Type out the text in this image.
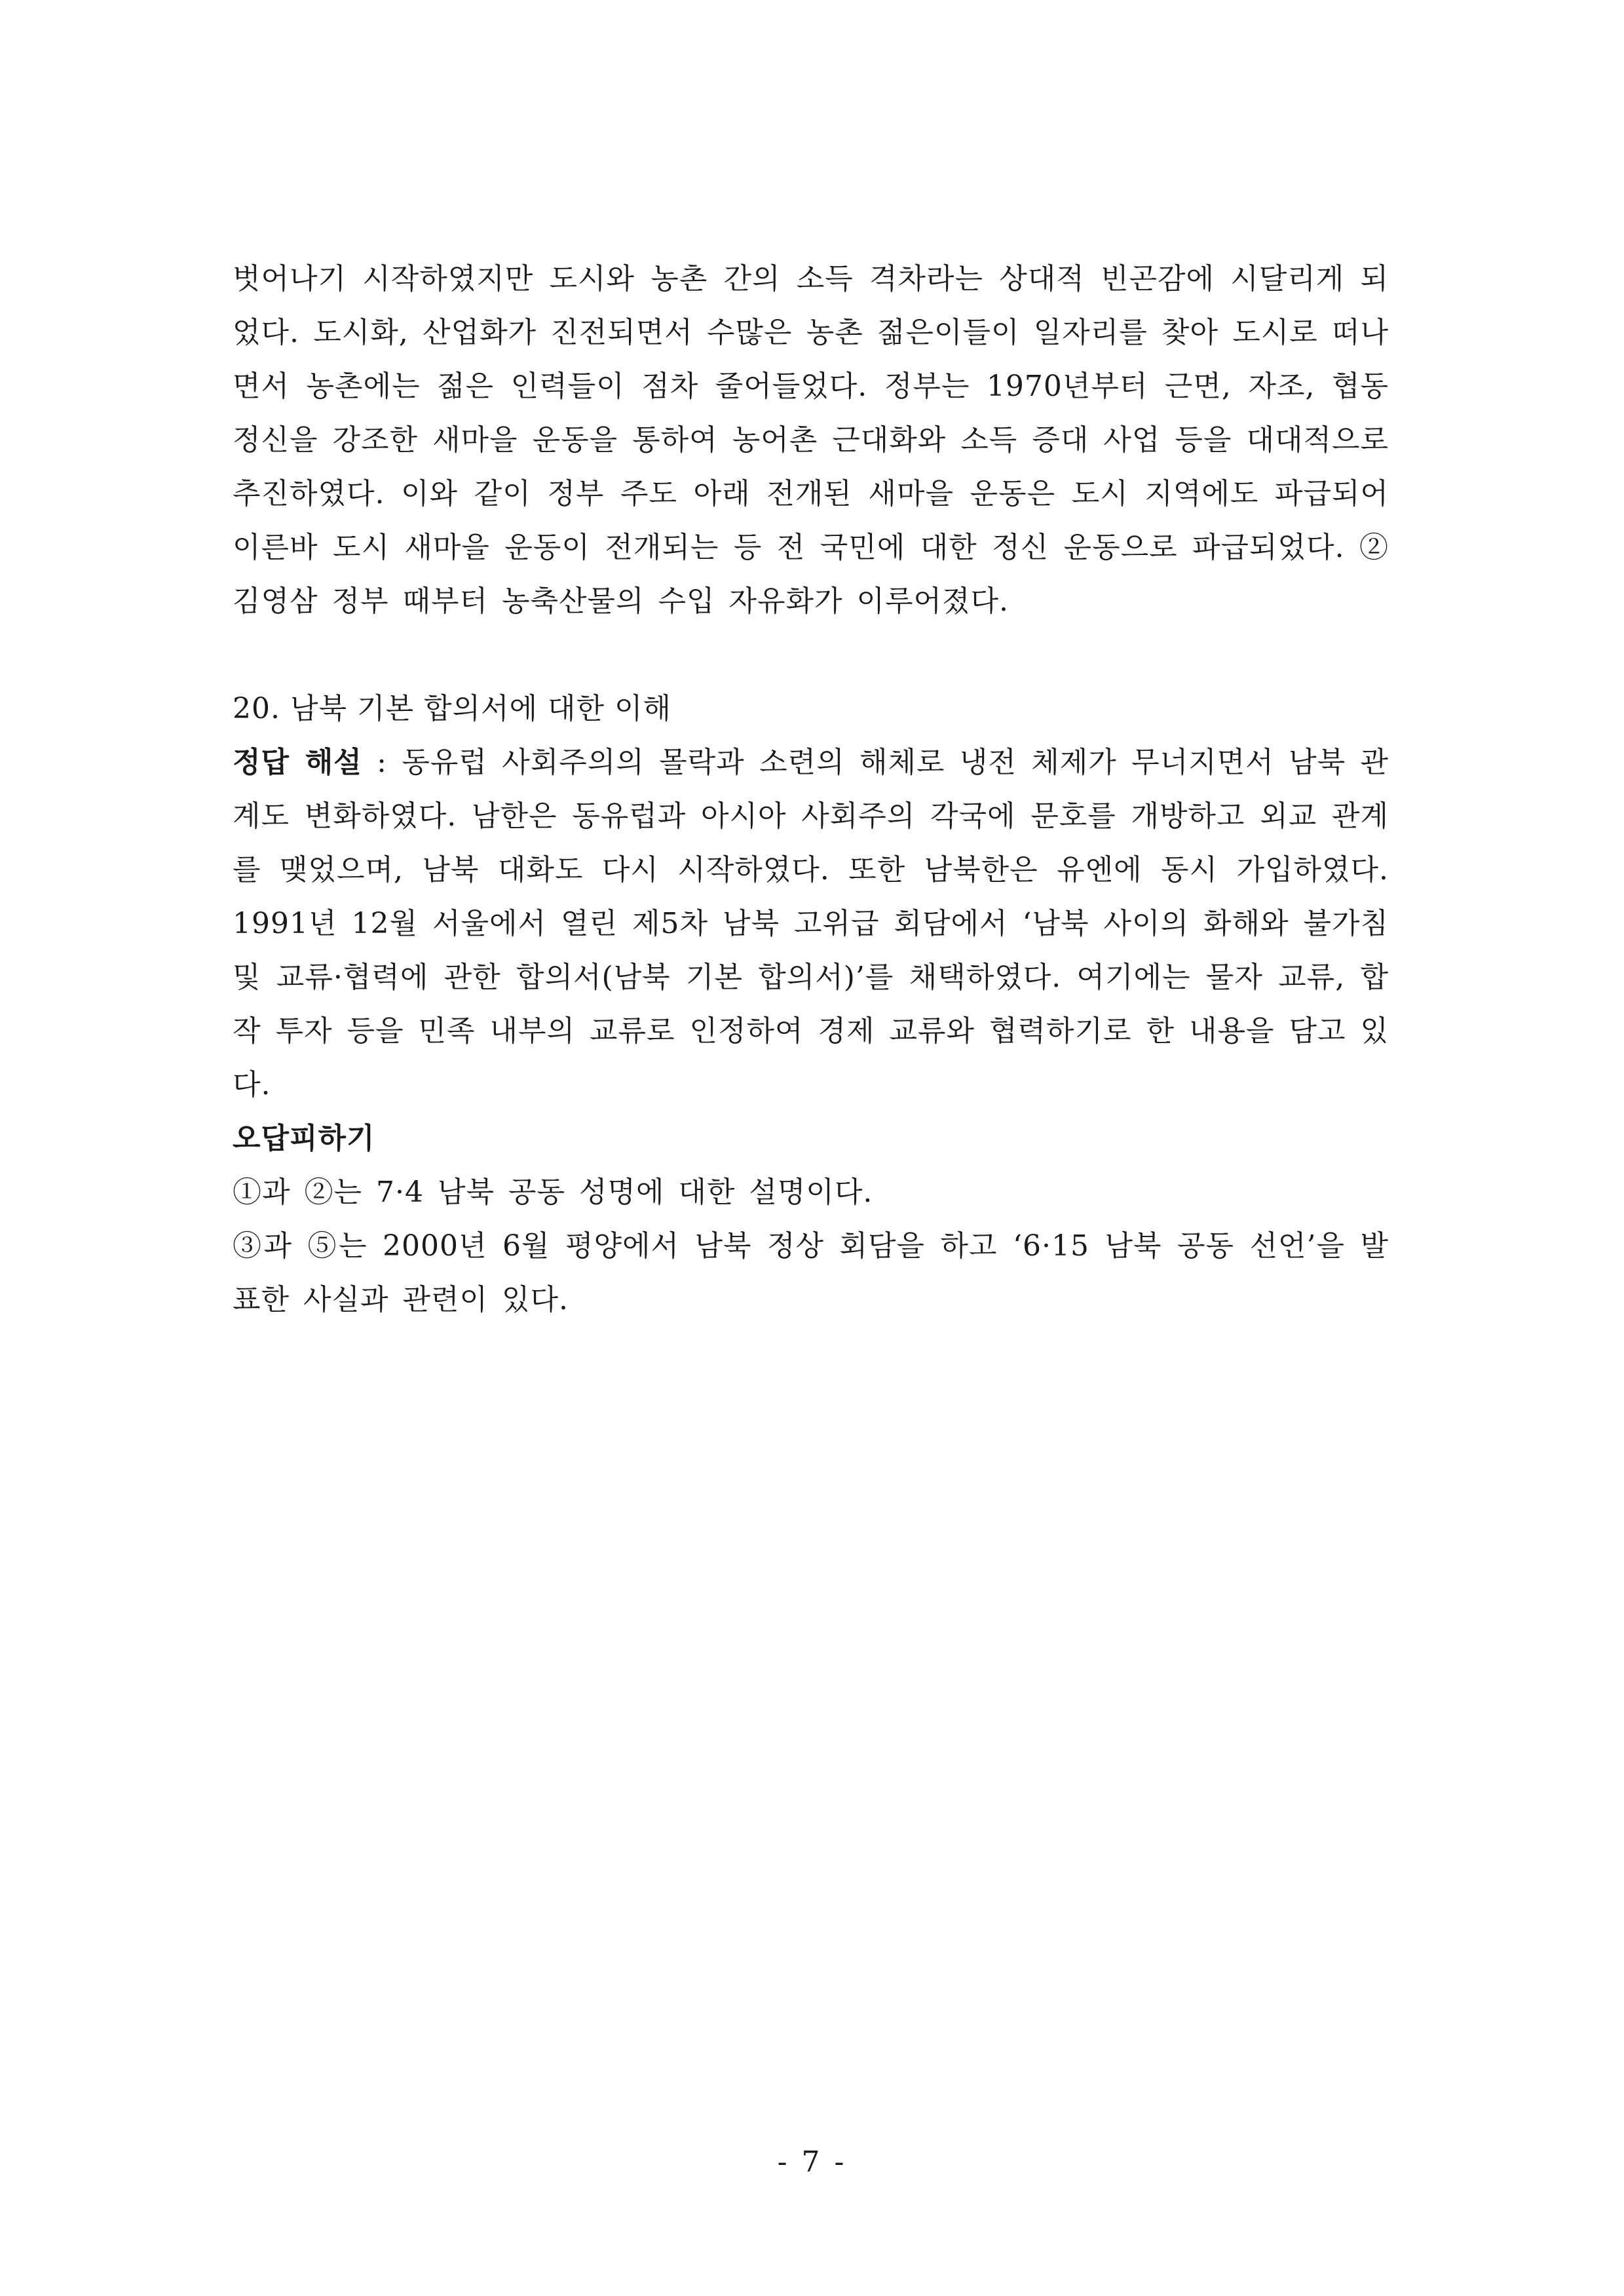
벗어나기 시작하였지만 도시와 농촌 간의 소득 격차라는 상대적 빈곤감에 시달리게 되었다. 도시화, 산업화가 진전되면서 수많은 농촌 젊은이들이 일자리를 찾아 도시로 떠나면서 농촌에는 젊은 인력들이 점차 줄어들었다. 정부는 1970년부터 근면, 자조, 협동 정신을 강조한 새마을 운동을 통하여 농어촌 근대화와 소득 증대 사업 등을 대대적으로 추진하였다. 이와 같이 정부 주도 아래 전개된 새마을 운동은 도시 지역에도 파급되어 이른바 도시 새마을 운동이 전개되는 등 전 국민에 대한 정신 운동으로 파급되었다. ② 김영삼 정부 때부터 농축산물의 수입 자유화가 이루어졌다.

20. 남북 기본 합의서에 대한 이해

정답 해설 : 동유럽 사회주의의 몰락과 소련의 해체로 냉전 체제가 무너지면서 남북 관계도 변화하였다. 남한은 동유럽과 아시아 사회주의 각국에 문호를 개방하고 외교 관계를 맺었으며, 남북 대화도 다시 시작하였다. 또한 남북한은 유엔에 동시 가입하였다. 1991년 12월 서울에서 열린 제5차 남북 고위급 회담에서 ‘남북 사이의 화해와 불가침 및 교류·협력에 관한 합의서(남북 기본 합의서)’를 채택하였다. 여기에는 물자 교류, 합작 투자 등을 민족 내부의 교류로 인정하여 경제 교류와 협력하기로 한 내용을 담고 있다.

오답피하기

①과 ②는 7·4 남북 공동 성명에 대한 설명이다.

③과 ⑤는 2000년 6월 평양에서 남북 정상 회담을 하고 ‘6·15 남북 공동 선언’을 발표한 사실과 관련이 있다.

- 7 -
